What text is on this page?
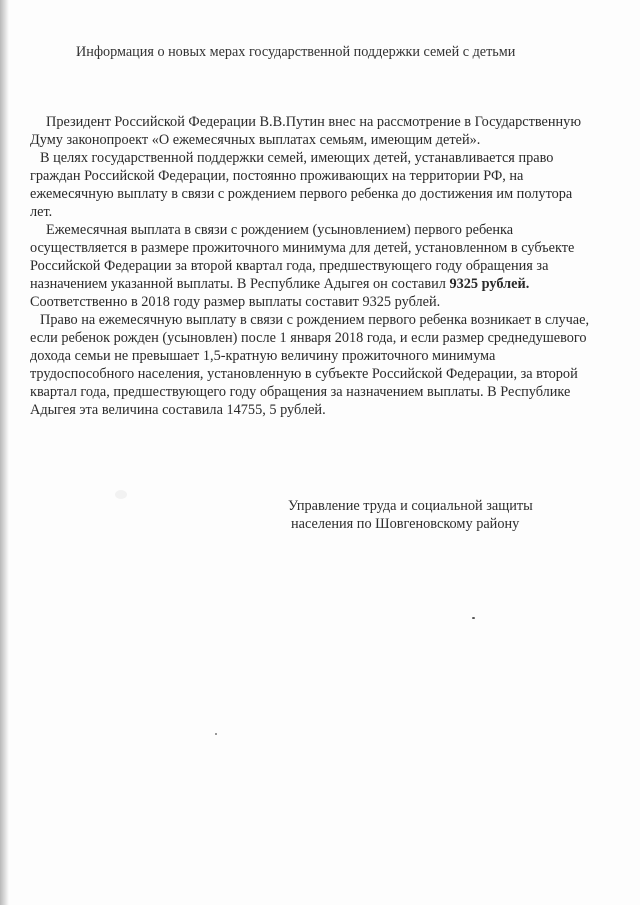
Информация о новых мерах государственной поддержки семей с детьми

Президент Российской Федерации В.В.Путин внес на рассмотрение в Государственную Думу законопроект «О ежемесячных выплатах семьям, имеющим детей».

В целях государственной поддержки семей, имеющих детей, устанавливается право граждан Российской Федерации, постоянно проживающих на территории РФ, на ежемесячную выплату в связи с рождением первого ребенка до достижения им полутора лет.

Ежемесячная выплата в связи с рождением (усыновлением) первого ребенка осуществляется в размере прожиточного минимума для детей, установленном в субъекте Российской Федерации за второй квартал года, предшествующего году обращения за назначением указанной выплаты. В Республике Адыгея он составил 9325 рублей. Соответственно в 2018 году размер выплаты составит 9325 рублей.

Право на ежемесячную выплату в связи с рождением первого ребенка возникает в случае, если ребенок рожден (усыновлен) после 1 января 2018 года, и если размер среднедушевого дохода семьи не превышает 1,5-кратную величину прожиточного минимума трудоспособного населения, установленную в субъекте Российской Федерации, за второй квартал года, предшествующего году обращения за назначением выплаты. В Республике Адыгея эта величина составила 14755, 5 рублей.

Управление труда и социальной защиты
населения по Шовгеновскому району
